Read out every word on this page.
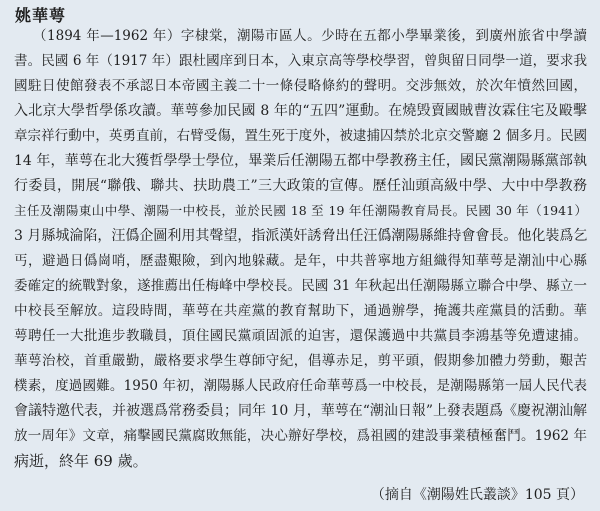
姚華萼
（1894 年—1962 年）字棣棠，潮陽市區人。少時在五都小學畢業後，到廣州旅省中學讀
書。民國 6 年（1917 年）跟杜國庠到日本，入東京高等學校學習，曾與留日同學一道，要求我
國駐日使館發表不承認日本帝國主義二十一條侵略條約的聲明。交涉無效，於次年憤然回國，
入北京大學哲學係攻讀。華萼參加民國 8 年的“五四”運動。在燒毁賣國賊曹汝霖住宅及毆擊
章宗祥行動中，英勇直前，右臂受傷，置生死于度外，被逮捕囚禁於北京交警廳 2 個多月。民國
14 年，華萼在北大獲哲學學士學位，畢業后任潮陽五都中學教務主任，國民黨潮陽縣黨部執
行委員，開展“聯俄、聯共、扶助農工”三大政策的宣傳。歷任汕頭高級中學、大中中學教務
主任及潮陽東山中學、潮陽一中校長，並於民國 18 至 19 年任潮陽教育局長。民國 30 年（1941）
3 月縣城淪陷，汪僞企圖利用其聲望，指派漢奸誘脅出任汪僞潮陽縣維持會會長。他化裝爲乞
丐，避過日僞崗哨，歷盡艱險，到內地躲藏。是年，中共普寧地方組織得知華萼是潮汕中心縣
委確定的統戰對象，遂推薦出任梅峰中學校長。民國 31 年秋起出任潮陽縣立聯合中學、縣立一
中校長至解放。這段時間，華萼在共産黨的教育幫助下，通過辦學，掩護共産黨員的活動。華
萼聘任一大批進步教職員，頂住國民黨頑固派的迫害，還保護過中共黨員李鴻基等免遭逮捕。
華萼治校，首重嚴勤，嚴格要求學生尊師守紀，倡導赤足，剪平頭，假期參加體力勞動，艱苦
樸素，度過國難。1950 年初，潮陽縣人民政府任命華萼爲一中校長，是潮陽縣第一屆人民代表
會議特邀代表，并被選爲常務委員；同年 10 月，華萼在“潮汕日報”上發表題爲《慶祝潮汕解
放一周年》文章，痛擊國民黨腐敗無能，决心辦好學校，爲祖國的建設事業積極奮鬥。1962 年
病逝，終年 69 歲。
（摘自《潮陽姓氏叢談》105 頁）
